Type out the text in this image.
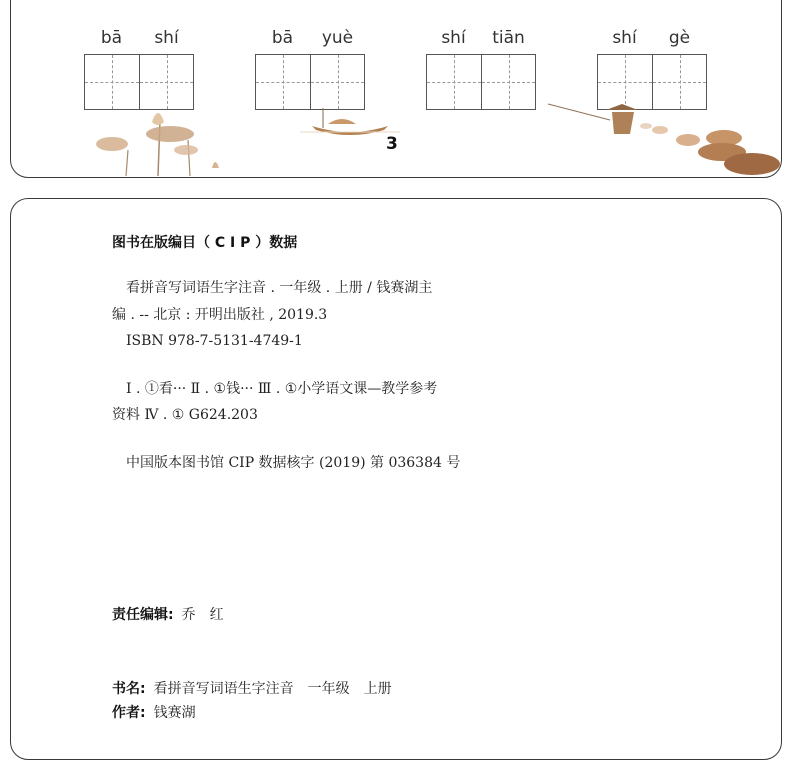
bā	shí	bā	yuè	shí	tiān	shí	gè
3
图书在版编目（ C I P ）数据
　看拼音写词语生字注音 . 一年级 . 上册 / 钱赛湖主
编 . -- 北京 : 开明出版社 , 2019.3
　ISBN 978-7-5131-4749-1
　Ⅰ . ①看··· Ⅱ . ①钱··· Ⅲ . ①小学语文课—教学参考
资料 Ⅳ . ① G624.203
　中国版本图书馆 CIP 数据核字 (2019) 第 036384 号
责任编辑: 乔　红
书名: 看拼音写词语生字注音　一年级　上册
作者: 钱赛湖
